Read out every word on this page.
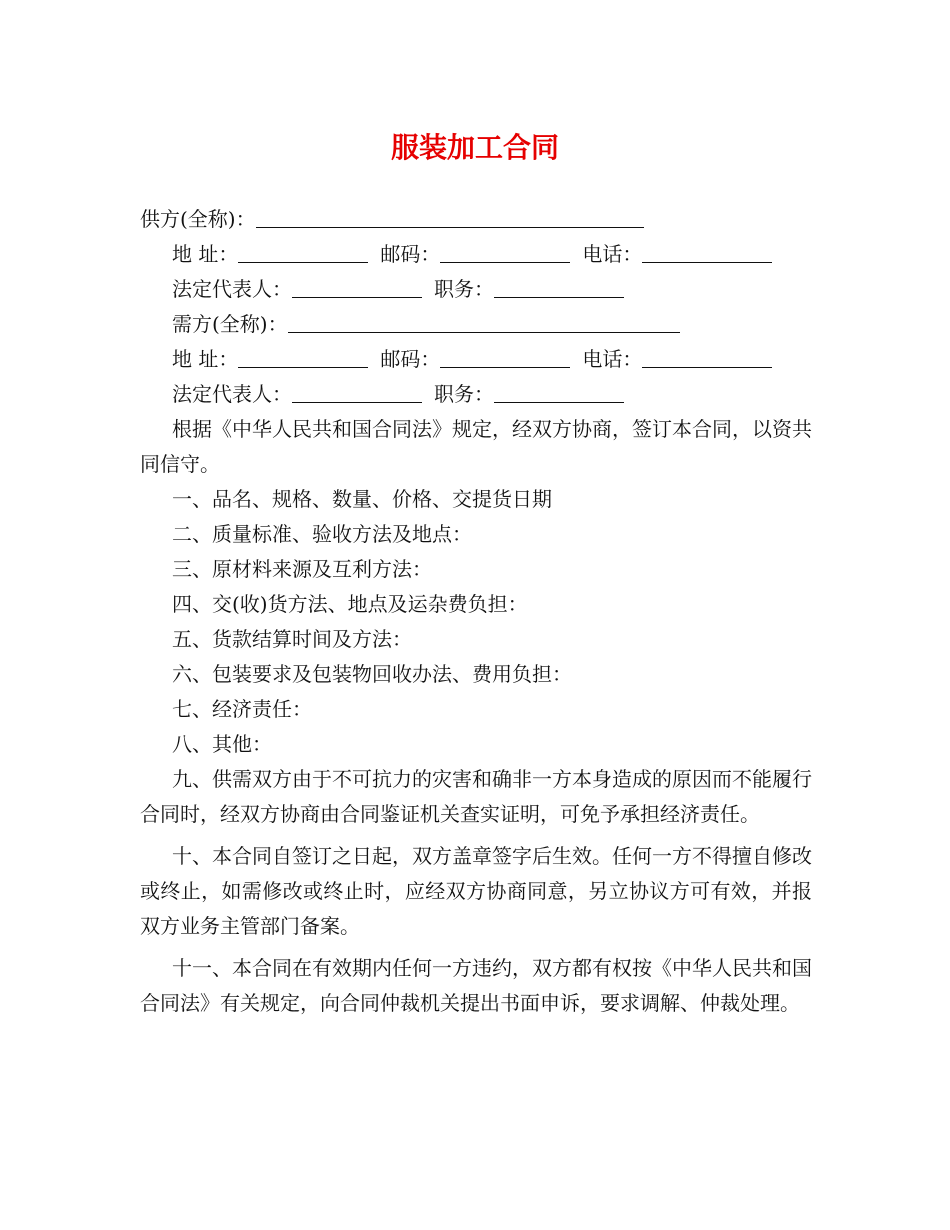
服装加工合同
供方(全称)：
地 址：	邮码：	电话：
法定代表人：	职务：
需方(全称)：
地 址：	邮码：	电话：
法定代表人：	职务：
根据《中华人民共和国合同法》规定，经双方协商，签订本合同，以资共同信守。
一、品名、规格、数量、价格、交提货日期
二、质量标准、验收方法及地点：
三、原材料来源及互利方法：
四、交(收)货方法、地点及运杂费负担：
五、货款结算时间及方法：
六、包装要求及包装物回收办法、费用负担：
七、经济责任：
八、其他：
九、供需双方由于不可抗力的灾害和确非一方本身造成的原因而不能履行合同时，经双方协商由合同鉴证机关查实证明，可免予承担经济责任。
十、本合同自签订之日起，双方盖章签字后生效。任何一方不得擅自修改或终止，如需修改或终止时，应经双方协商同意，另立协议方可有效，并报双方业务主管部门备案。
十一、本合同在有效期内任何一方违约，双方都有权按《中华人民共和国合同法》有关规定，向合同仲裁机关提出书面申诉，要求调解、仲裁处理。
